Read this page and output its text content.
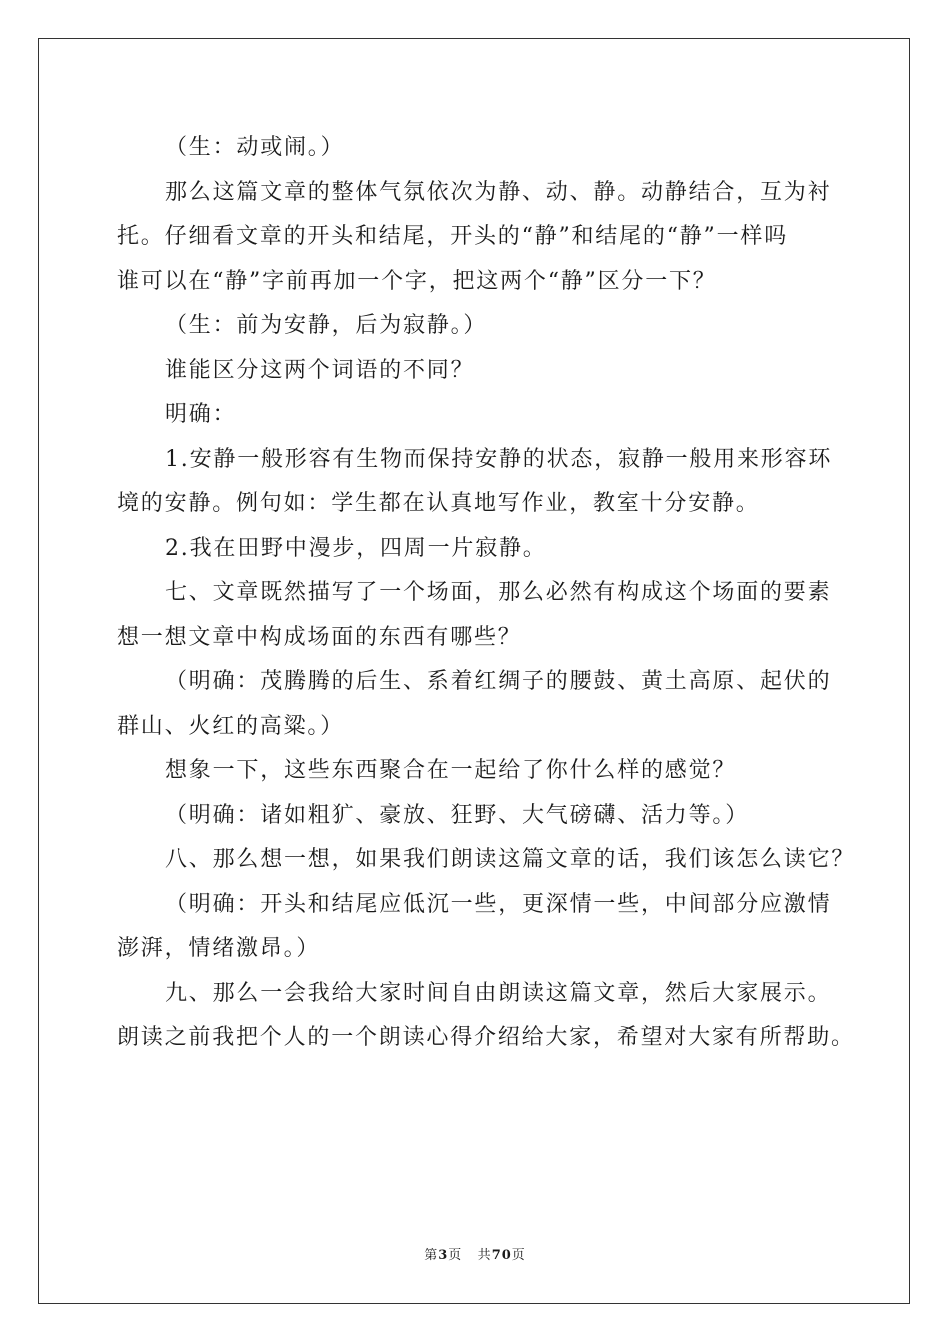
（生：动或闹。）

那么这篇文章的整体气氛依次为静、动、静。动静结合，互为衬

托。仔细看文章的开头和结尾，开头的“静”和结尾的“静”一样吗

谁可以在“静”字前再加一个字，把这两个“静”区分一下？

（生：前为安静，后为寂静。）

谁能区分这两个词语的不同？

明确：

1.安静一般形容有生物而保持安静的状态，寂静一般用来形容环

境的安静。例句如：学生都在认真地写作业，教室十分安静。

2.我在田野中漫步，四周一片寂静。

七、文章既然描写了一个场面，那么必然有构成这个场面的要素

想一想文章中构成场面的东西有哪些？

（明确：茂腾腾的后生、系着红绸子的腰鼓、黄土高原、起伏的

群山、火红的高粱。）

想象一下，这些东西聚合在一起给了你什么样的感觉？

（明确：诸如粗犷、豪放、狂野、大气磅礴、活力等。）

八、那么想一想，如果我们朗读这篇文章的话，我们该怎么读它？

（明确：开头和结尾应低沉一些，更深情一些，中间部分应激情

澎湃，情绪激昂。）

九、那么一会我给大家时间自由朗读这篇文章，然后大家展示。

朗读之前我把个人的一个朗读心得介绍给大家，希望对大家有所帮助。

第3页 共70页
